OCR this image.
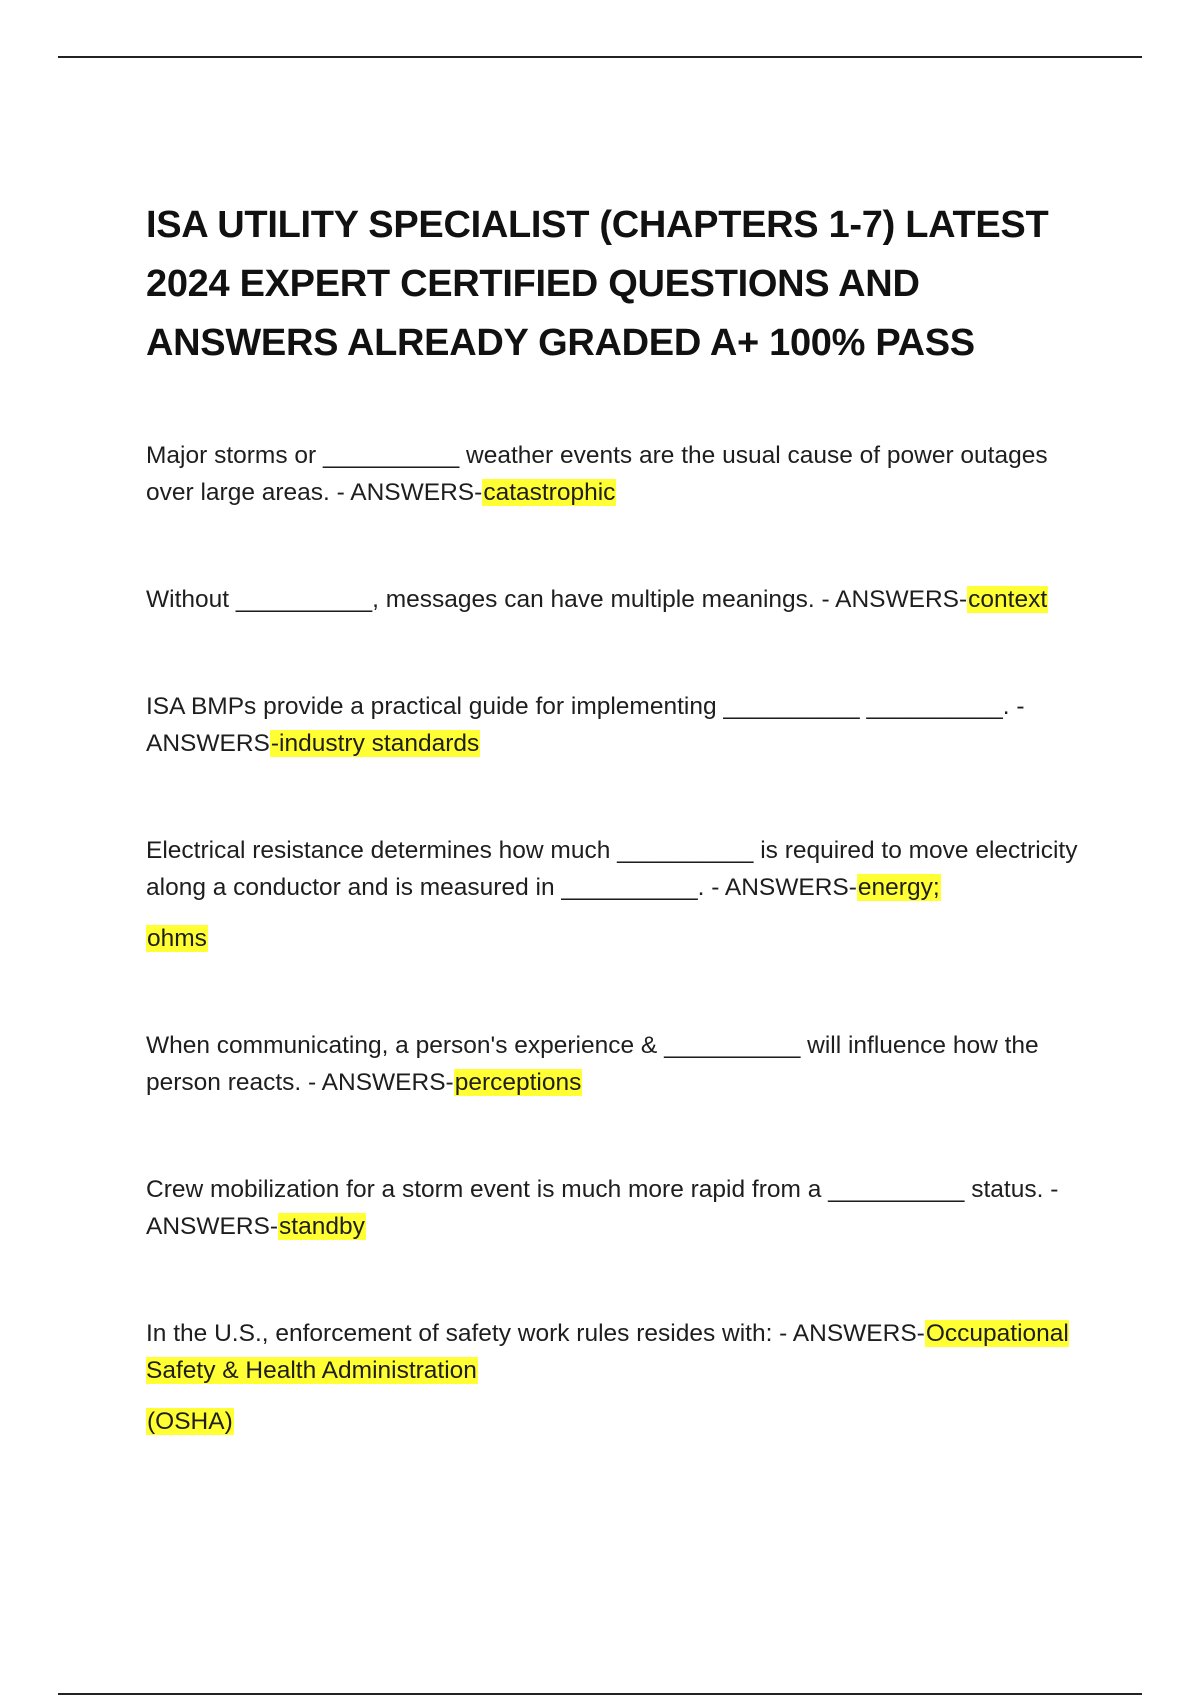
ISA UTILITY SPECIALIST (CHAPTERS 1-7) LATEST 2024 EXPERT CERTIFIED QUESTIONS AND ANSWERS ALREADY GRADED A+ 100% PASS
Major storms or __________ weather events are the usual cause of power outages over large areas. - ANSWERS-catastrophic
Without __________, messages can have multiple meanings. - ANSWERS-context
ISA BMPs provide a practical guide for implementing __________ __________. - ANSWERS-industry standards
Electrical resistance determines how much __________ is required to move electricity along a conductor and is measured in __________. - ANSWERS-energy;
ohms
When communicating, a person's experience & __________ will influence how the person reacts. - ANSWERS-perceptions
Crew mobilization for a storm event is much more rapid from a __________ status. - ANSWERS-standby
In the U.S., enforcement of safety work rules resides with: - ANSWERS-Occupational Safety & Health Administration
(OSHA)
